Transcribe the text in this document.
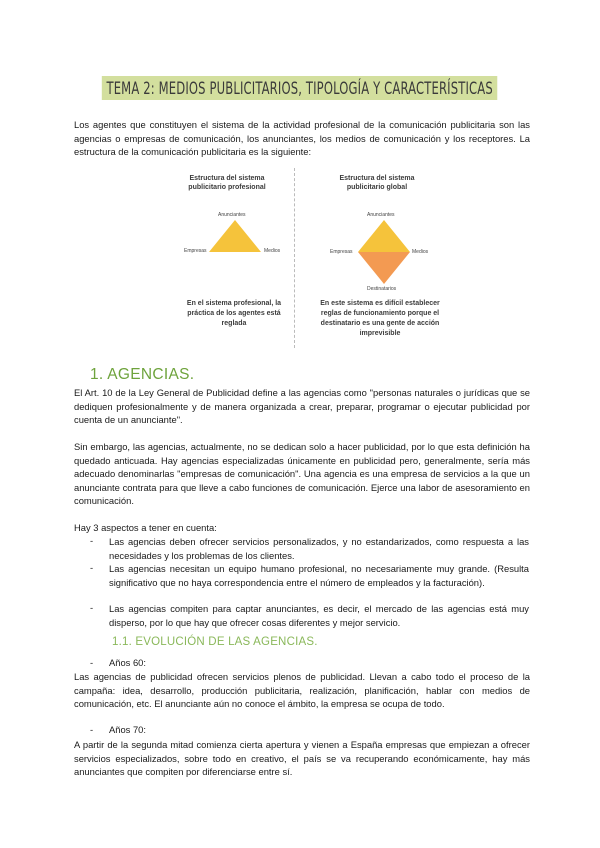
TEMA 2: MEDIOS PUBLICITARIOS, TIPOLOGÍA Y CARACTERÍSTICAS
Los agentes que constituyen el sistema de la actividad profesional de la comunicación publicitaria son las agencias o empresas de comunicación, los anunciantes, los medios de comunicación y los receptores. La estructura de la comunicación publicitaria es la siguiente:
Estructura del sistema publicitario profesional
Anunciantes
Empresas	Medios
En el sistema profesional, la práctica de los agentes está reglada
Estructura del sistema publicitario global
Anunciantes
Empresas	Medios
Destinatarios
En este sistema es difícil establecer reglas de funcionamiento porque el destinatario es una gente de acción imprevisible
1. AGENCIAS.
El Art. 10 de la Ley General de Publicidad define a las agencias como "personas naturales o jurídicas que se dediquen profesionalmente y de manera organizada a crear, preparar, programar o ejecutar publicidad por cuenta de un anunciante".
Sin embargo, las agencias, actualmente, no se dedican solo a hacer publicidad, por lo que esta definición ha quedado anticuada. Hay agencias especializadas únicamente en publicidad pero, generalmente, sería más adecuado denominarlas "empresas de comunicación". Una agencia es una empresa de servicios a la que un anunciante contrata para que lleve a cabo funciones de comunicación. Ejerce una labor de asesoramiento en comunicación.
Hay 3 aspectos a tener en cuenta:
- Las agencias deben ofrecer servicios personalizados, y no estandarizados, como respuesta a las necesidades y los problemas de los clientes.
- Las agencias necesitan un equipo humano profesional, no necesariamente muy grande. (Resulta significativo que no haya correspondencia entre el número de empleados y la facturación).
- Las agencias compiten para captar anunciantes, es decir, el mercado de las agencias está muy disperso, por lo que hay que ofrecer cosas diferentes y mejor servicio.
1.1. EVOLUCIÓN DE LAS AGENCIAS.
- Años 60:
Las agencias de publicidad ofrecen servicios plenos de publicidad. Llevan a cabo todo el proceso de la campaña: idea, desarrollo, producción publicitaria, realización, planificación, hablar con medios de comunicación, etc. El anunciante aún no conoce el ámbito, la empresa se ocupa de todo.
- Años 70:
A partir de la segunda mitad comienza cierta apertura y vienen a España empresas que empiezan a ofrecer servicios especializados, sobre todo en creativo, el país se va recuperando económicamente, hay más anunciantes que compiten por diferenciarse entre sí.
